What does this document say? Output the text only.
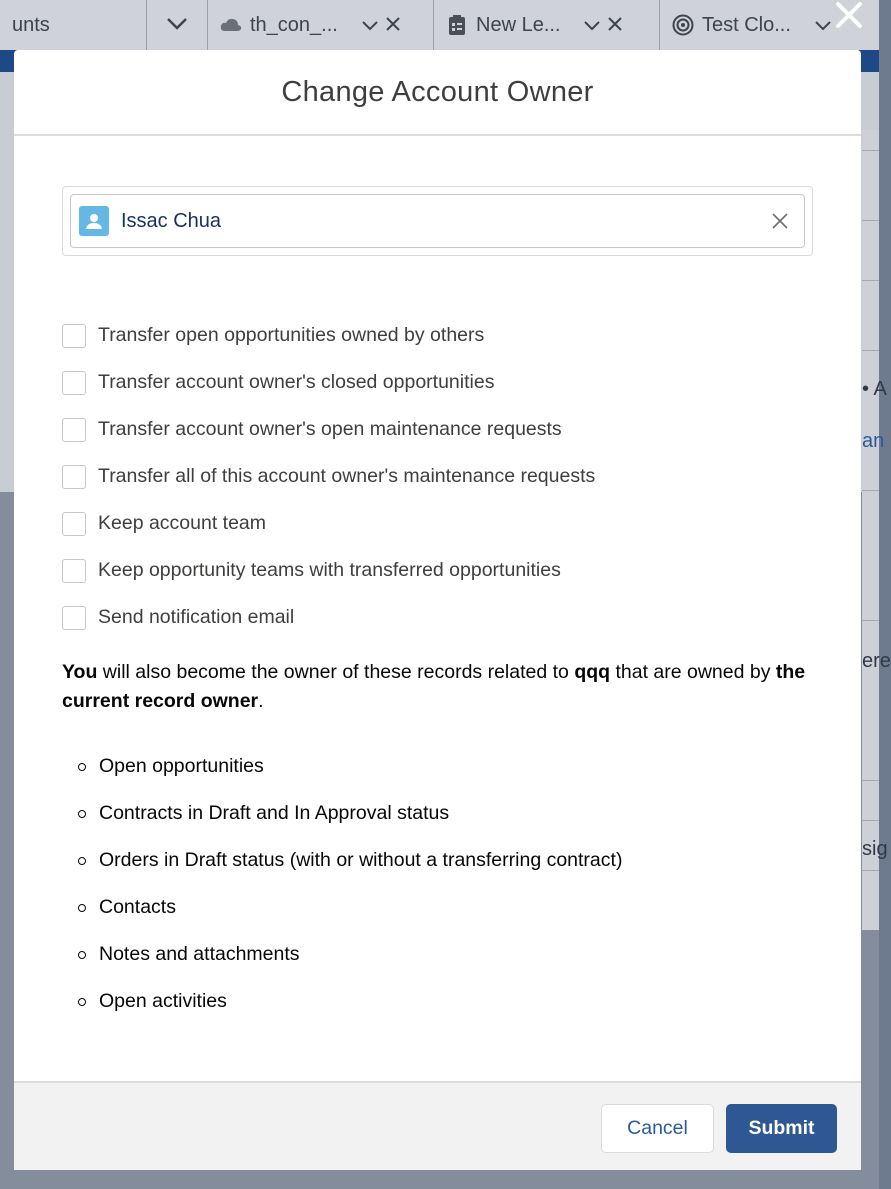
unts	th_con_...	New Le...	Test Clo...
• A
an
ere
sig
Change Account Owner
Issac Chua
Transfer open opportunities owned by others
Transfer account owner's closed opportunities
Transfer account owner's open maintenance requests
Transfer all of this account owner's maintenance requests
Keep account team
Keep opportunity teams with transferred opportunities
Send notification email

You will also become the owner of these records related to qqq that are owned by the current record owner.

Open opportunities
Contracts in Draft and In Approval status
Orders in Draft status (with or without a transferring contract)
Contacts
Notes and attachments
Open activities
Cancel	Submit
